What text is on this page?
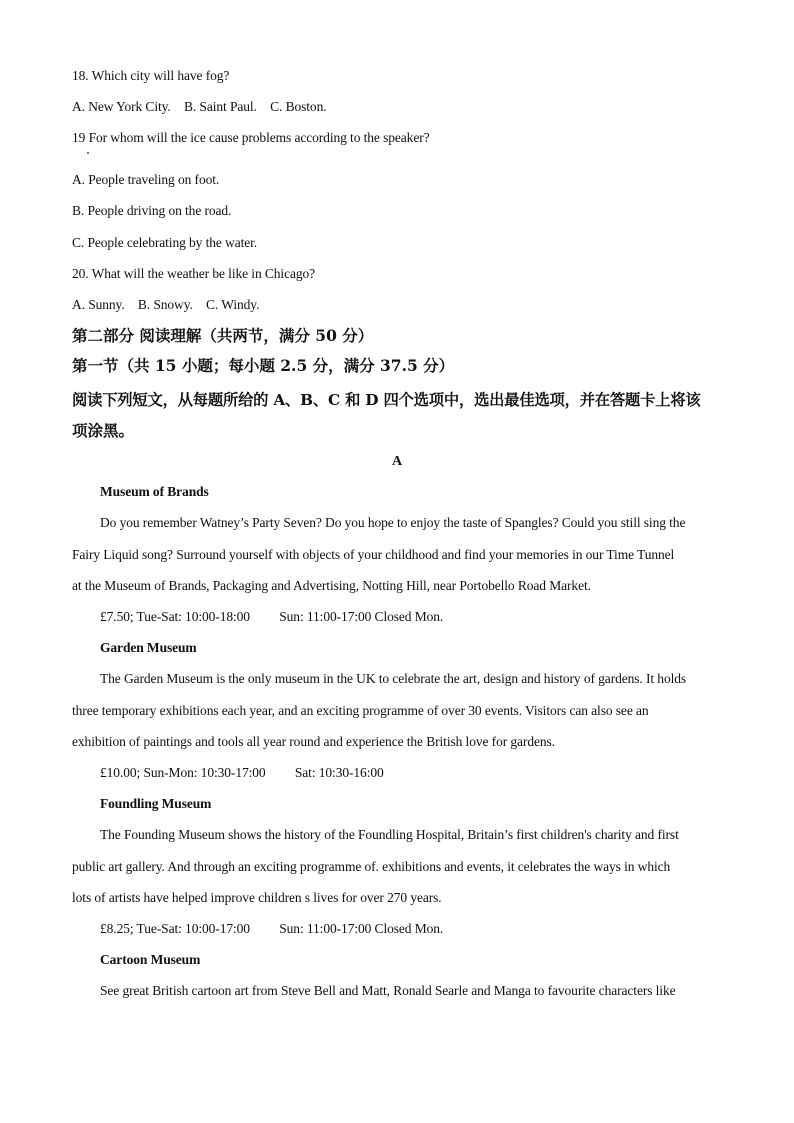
18. Which city will have fog?
A. New York City. B. Saint Paul. C. Boston.
19 For whom will the ice cause problems according to the speaker?
A. People traveling on foot.
B. People driving on the road.
C. People celebrating by the water.
20. What will the weather be like in Chicago?
A. Sunny. B. Snowy. C. Windy.
第二部分 阅读理解（共两节，满分 50 分）
第一节（共 15 小题；每小题 2.5 分，满分 37.5 分）
阅读下列短文，从每题所给的 A、B、C 和 D 四个选项中，选出最佳选项，并在答题卡上将该
项涂黑。
A
Museum of Brands
Do you remember Watney’s Party Seven? Do you hope to enjoy the taste of Spangles? Could you still sing the
Fairy Liquid song? Surround yourself with objects of your childhood and find your memories in our Time Tunnel
at the Museum of Brands, Packaging and Advertising, Notting Hill, near Portobello Road Market.
£7.50; Tue-Sat: 10:00-18:00 Sun: 11:00-17:00 Closed Mon.
Garden Museum
The Garden Museum is the only museum in the UK to celebrate the art, design and history of gardens. It holds
three temporary exhibitions each year, and an exciting programme of over 30 events. Visitors can also see an
exhibition of paintings and tools all year round and experience the British love for gardens.
£10.00; Sun-Mon: 10:30-17:00 Sat: 10:30-16:00
Foundling Museum
The Founding Museum shows the history of the Foundling Hospital, Britain’s first children's charity and first
public art gallery. And through an exciting programme of. exhibitions and events, it celebrates the ways in which
lots of artists have helped improve children s lives for over 270 years.
£8.25; Tue-Sat: 10:00-17:00 Sun: 11:00-17:00 Closed Mon.
Cartoon Museum
See great British cartoon art from Steve Bell and Matt, Ronald Searle and Manga to favourite characters like
